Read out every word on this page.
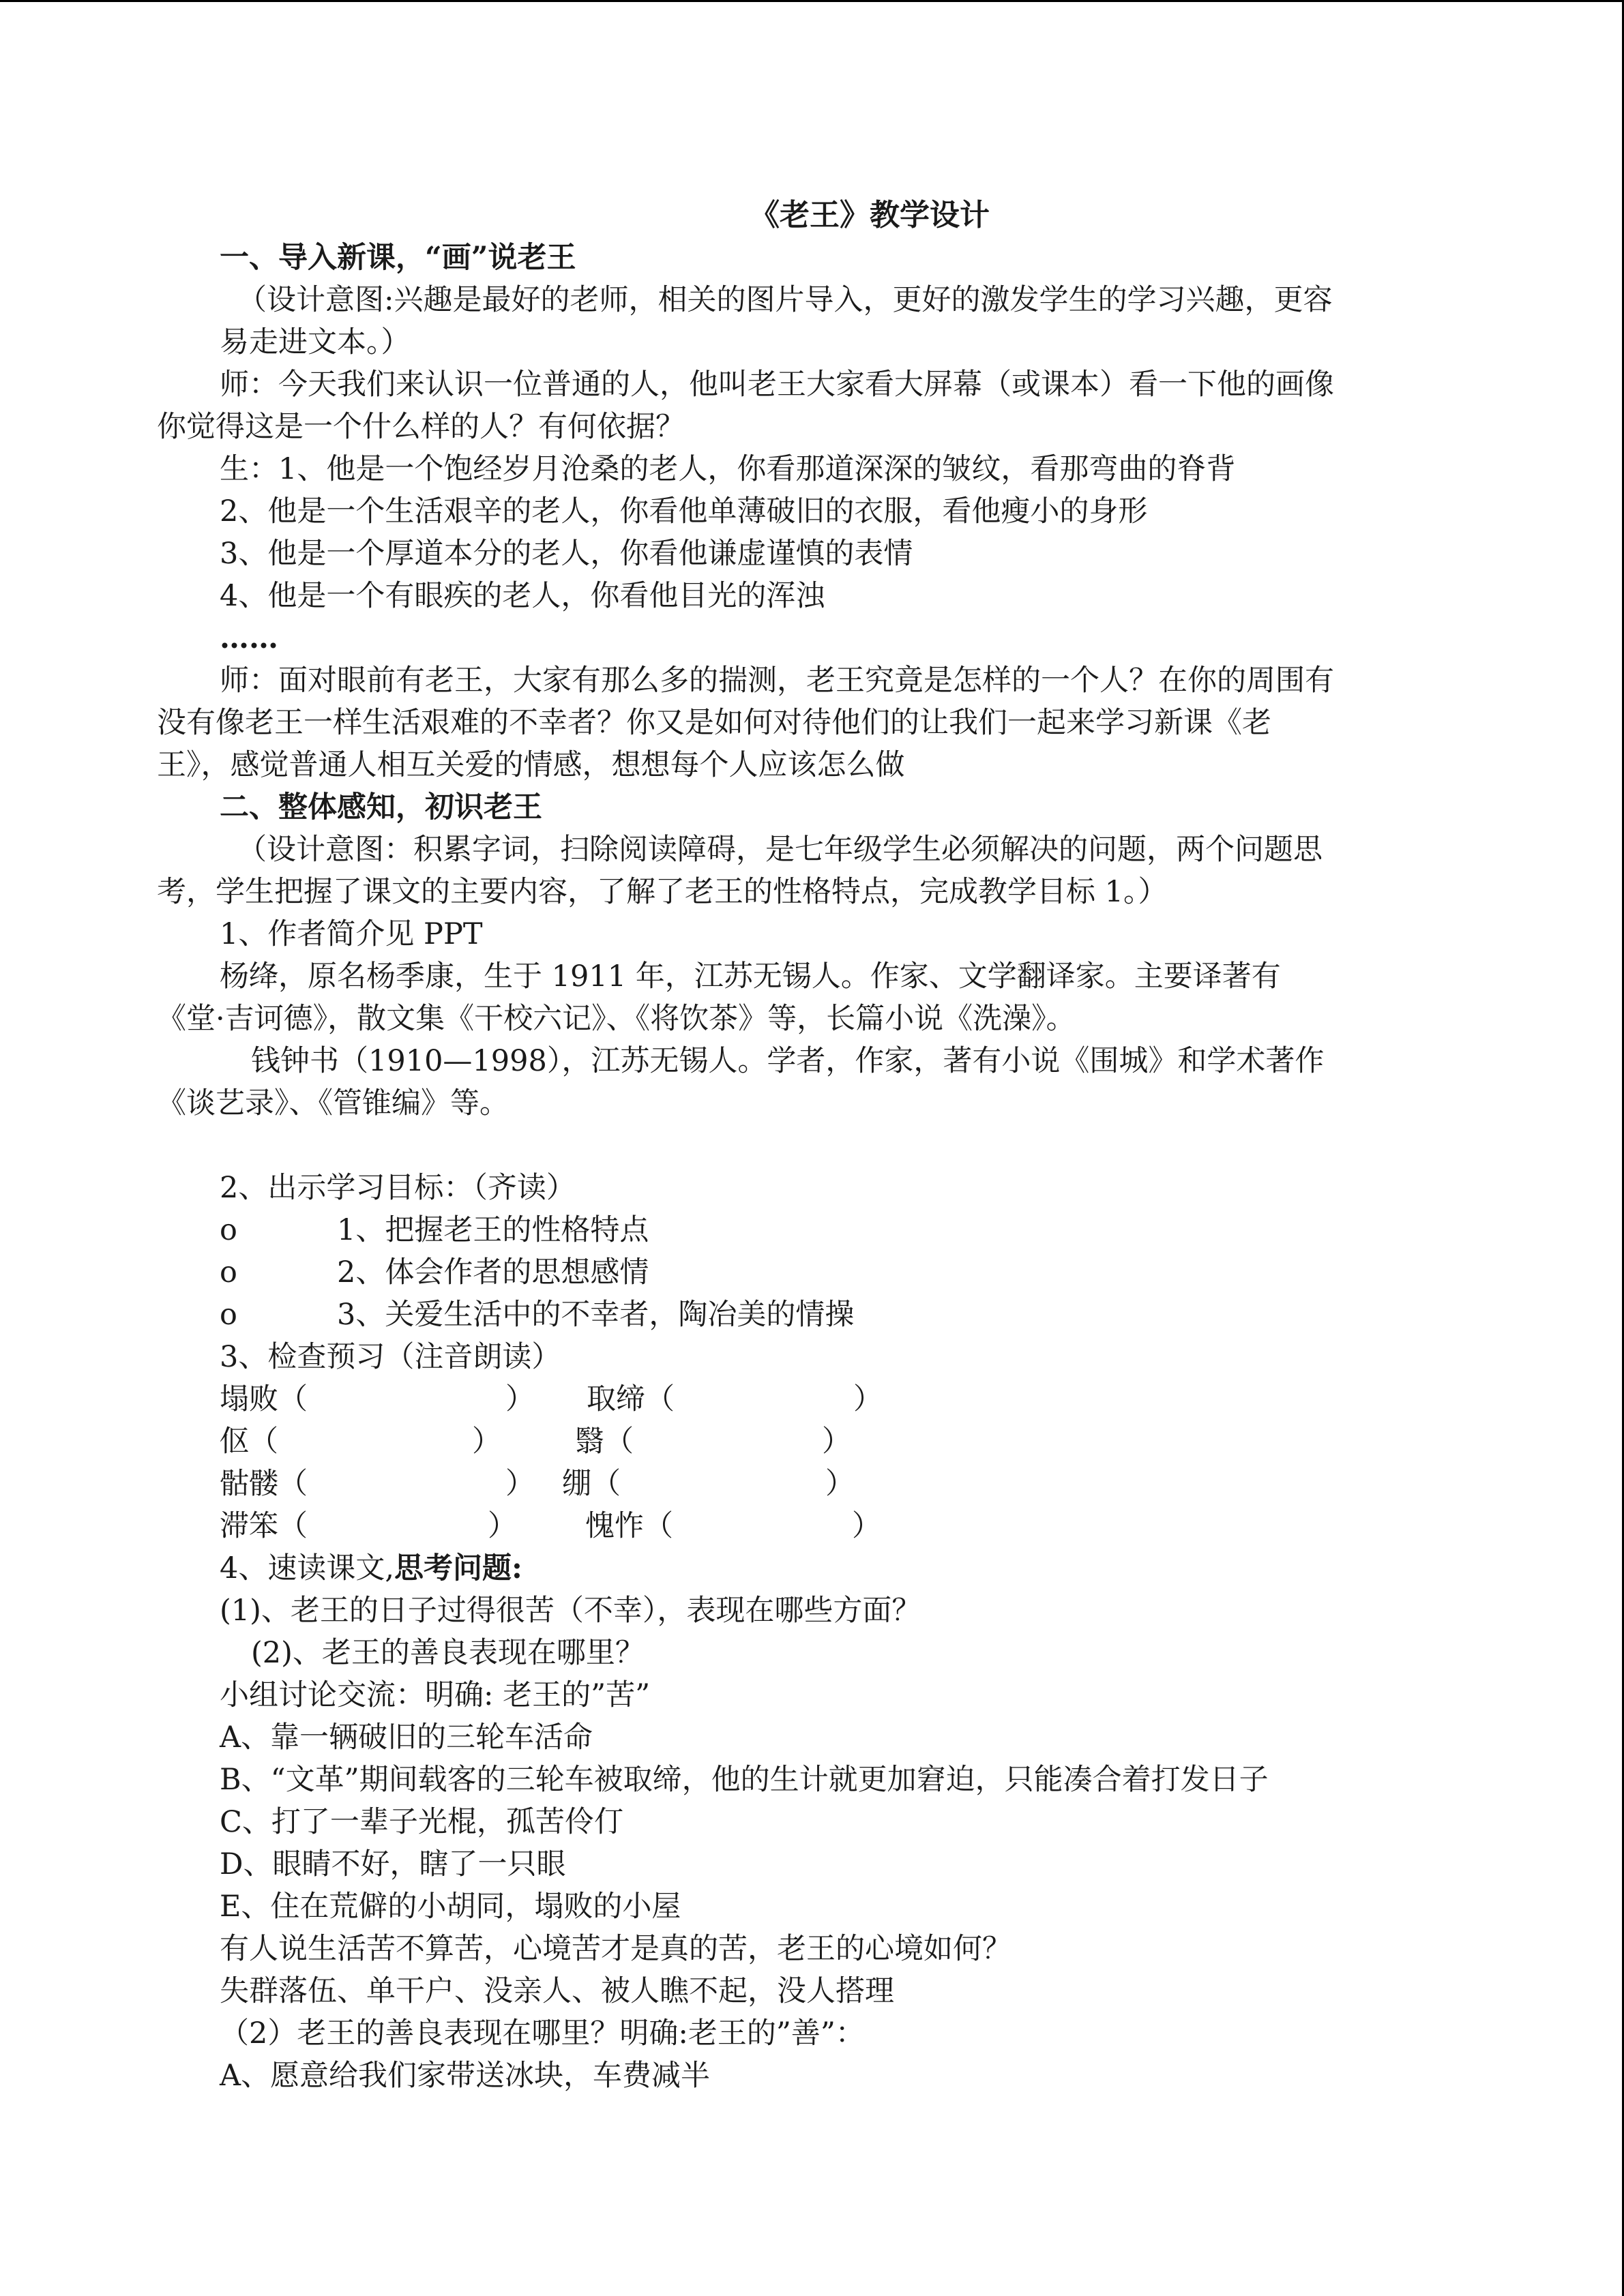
《老王》教学设计
一、导入新课，“画”说老王
（设计意图:兴趣是最好的老师，相关的图片导入，更好的激发学生的学习兴趣，更容
易走进文本。）
师：今天我们来认识一位普通的人，他叫老王大家看大屏幕（或课本）看一下他的画像
你觉得这是一个什么样的人？有何依据？
生：1、他是一个饱经岁月沧桑的老人，你看那道深深的皱纹，看那弯曲的脊背
2、他是一个生活艰辛的老人，你看他单薄破旧的衣服，看他瘦小的身形
3、他是一个厚道本分的老人，你看他谦虚谨慎的表情
4、他是一个有眼疾的老人，你看他目光的浑浊
……
师：面对眼前有老王，大家有那么多的揣测，老王究竟是怎样的一个人？在你的周围有
没有像老王一样生活艰难的不幸者？你又是如何对待他们的让我们一起来学习新课《老
王》，感觉普通人相互关爱的情感，想想每个人应该怎么做
二、整体感知，初识老王
（设计意图：积累字词，扫除阅读障碍，是七年级学生必须解决的问题，两个问题思
考，学生把握了课文的主要内容，了解了老王的性格特点，完成教学目标 1。）
1、作者简介见 PPT
杨绛，原名杨季康，生于 1911 年，江苏无锡人。作家、文学翻译家。主要译著有
《堂·吉诃德》，散文集《干校六记》、《将饮茶》等，长篇小说《洗澡》。
钱钟书（1910—1998），江苏无锡人。学者，作家，著有小说《围城》和学术著作
《谈艺录》、《管锥编》等。
2、出示学习目标：（齐读）
o	1、把握老王的性格特点
o	2、体会作者的思想感情
o	3、关爱生活中的不幸者，陶冶美的情操
3、检查预习（注音朗读）
塌败（	） 取缔（	）
伛（	）	翳（	）
骷髅（	） 绷（	）
滞笨（	） 愧怍（	）
4、速读课文,思考问题:
(1)、老王的日子过得很苦（不幸），表现在哪些方面？
(2)、老王的善良表现在哪里？
小组讨论交流：明确: 老王的”苦”
A、靠一辆破旧的三轮车活命
B、“文革”期间载客的三轮车被取缔，他的生计就更加窘迫，只能凑合着打发日子
C、打了一辈子光棍，孤苦伶仃
D、眼睛不好，瞎了一只眼
E、住在荒僻的小胡同，塌败的小屋
有人说生活苦不算苦，心境苦才是真的苦，老王的心境如何？
失群落伍、单干户、没亲人、被人瞧不起，没人搭理
（2）老王的善良表现在哪里？明确:老王的”善”：
A、愿意给我们家带送冰块，车费减半
